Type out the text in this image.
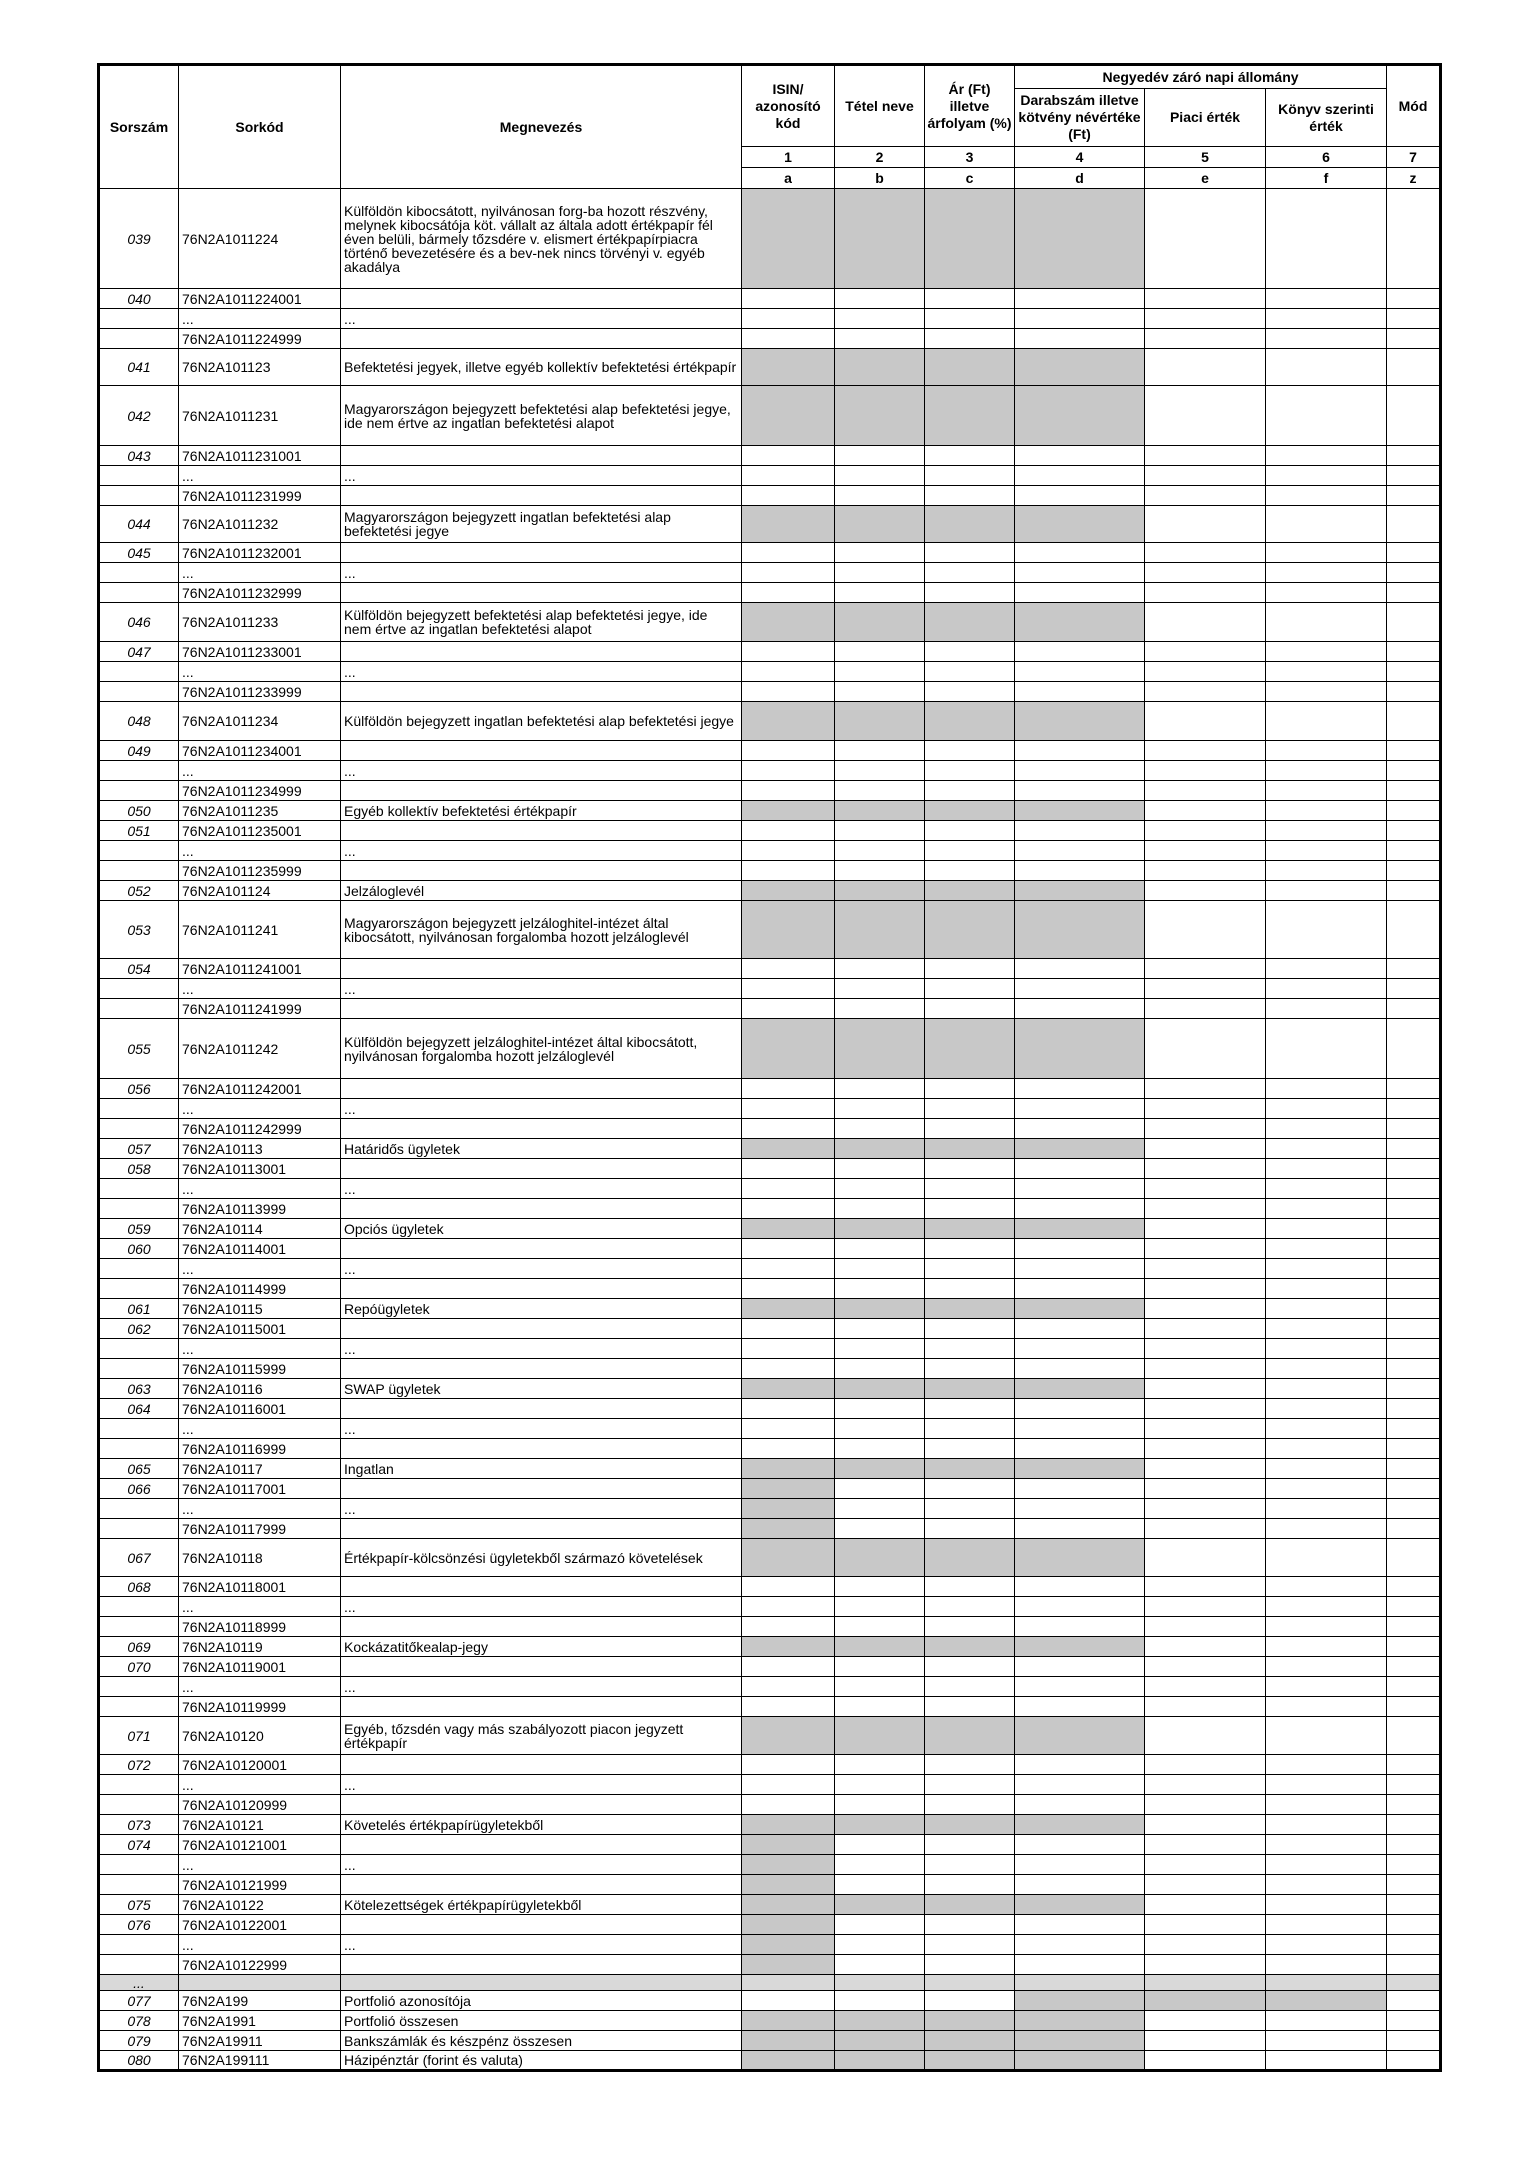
Sorszám	Sorkód	Megnevezés	ISIN/ azonosító kód	Tétel neve	Ár (Ft) illetve árfolyam (%)	Negyedév záró napi állomány			Mód
						Darabszám illetve kötvény névértéke (Ft)	Piaci érték	Könyv szerinti érték	

			1	2	3	4	5	6	7
			a	b	c	d	e	f	z
039	76N2A1011224	Külföldön kibocsátott, nyilvánosan forg-ba hozott részvény, melynek kibocsátója köt. vállalt az általa adott értékpapír fél éven belüli, bármely tőzsdére v. elismert értékpapírpiacra történő bevezetésére és a bev-nek nincs törvényi v. egyéb akadálya							
040	76N2A1011224001								
	...	...							
	76N2A1011224999								
041	76N2A101123	Befektetési jegyek, illetve egyéb kollektív befektetési értékpapír							
042	76N2A1011231	Magyarországon bejegyzett befektetési alap befektetési jegye, ide nem értve az ingatlan befektetési alapot							
043	76N2A1011231001								
	...	...							
	76N2A1011231999								
044	76N2A1011232	Magyarországon bejegyzett ingatlan befektetési alap befektetési jegye							
045	76N2A1011232001								
	...	...							
	76N2A1011232999								
046	76N2A1011233	Külföldön bejegyzett befektetési alap befektetési jegye, ide nem értve az ingatlan befektetési alapot							
047	76N2A1011233001								
	...	...							
	76N2A1011233999								
048	76N2A1011234	Külföldön bejegyzett ingatlan befektetési alap befektetési jegye							
049	76N2A1011234001								
	...	...							
	76N2A1011234999								
050	76N2A1011235	Egyéb kollektív befektetési értékpapír							
051	76N2A1011235001								
	...	...							
	76N2A1011235999								
052	76N2A101124	Jelzáloglevél							
053	76N2A1011241	Magyarországon bejegyzett jelzáloghitel-intézet által kibocsátott, nyilvánosan forgalomba hozott jelzáloglevél							
054	76N2A1011241001								
	...	...							
	76N2A1011241999								
055	76N2A1011242	Külföldön bejegyzett jelzáloghitel-intézet által kibocsátott, nyilvánosan forgalomba hozott jelzáloglevél							
056	76N2A1011242001								
	...	...							
	76N2A1011242999								
057	76N2A10113	Határidős ügyletek							
058	76N2A10113001								
	...	...							
	76N2A10113999								
059	76N2A10114	Opciós ügyletek							
060	76N2A10114001								
	...	...							
	76N2A10114999								
061	76N2A10115	Repóügyletek							
062	76N2A10115001								
	...	...							
	76N2A10115999								
063	76N2A10116	SWAP ügyletek							
064	76N2A10116001								
	...	...							
	76N2A10116999								
065	76N2A10117	Ingatlan							
066	76N2A10117001								
	...	...							
	76N2A10117999								
067	76N2A10118	Értékpapír-kölcsönzési ügyletekből származó követelések							
068	76N2A10118001								
	...	...							
	76N2A10118999								
069	76N2A10119	Kockázatitőkealap-jegy							
070	76N2A10119001								
	...	...							
	76N2A10119999								
071	76N2A10120	Egyéb, tőzsdén vagy más szabályozott piacon jegyzett értékpapír							
072	76N2A10120001								
	...	...							
	76N2A10120999								
073	76N2A10121	Követelés értékpapírügyletekből							
074	76N2A10121001								
	...	...							
	76N2A10121999								
075	76N2A10122	Kötelezettségek értékpapírügyletekből							
076	76N2A10122001								
	...	...							
	76N2A10122999								
...									
077	76N2A199	Portfolió azonosítója							
078	76N2A1991	Portfolió összesen							
079	76N2A19911	Bankszámlák és készpénz összesen							
080	76N2A199111	Házipénztár (forint és valuta)							
